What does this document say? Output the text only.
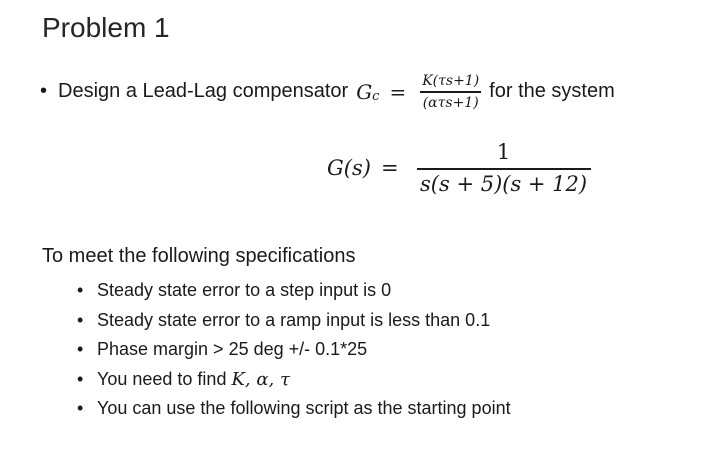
Problem 1
• Design a Lead-Lag compensator G $c = \frac{K(\tau s+1)}{\text{(ατs+1)}}$ for the system
$G(s) = \frac{1}{s(s + 5)(s + 12)}$
To meet the following specifications
• Steady state error to a step input is 0
• Steady state error to a ramp input is less than 0.1
• Phase margin > 25 deg +/- 0.1*25
• You need to find K, α, τ
• You can use the following script as the starting point
